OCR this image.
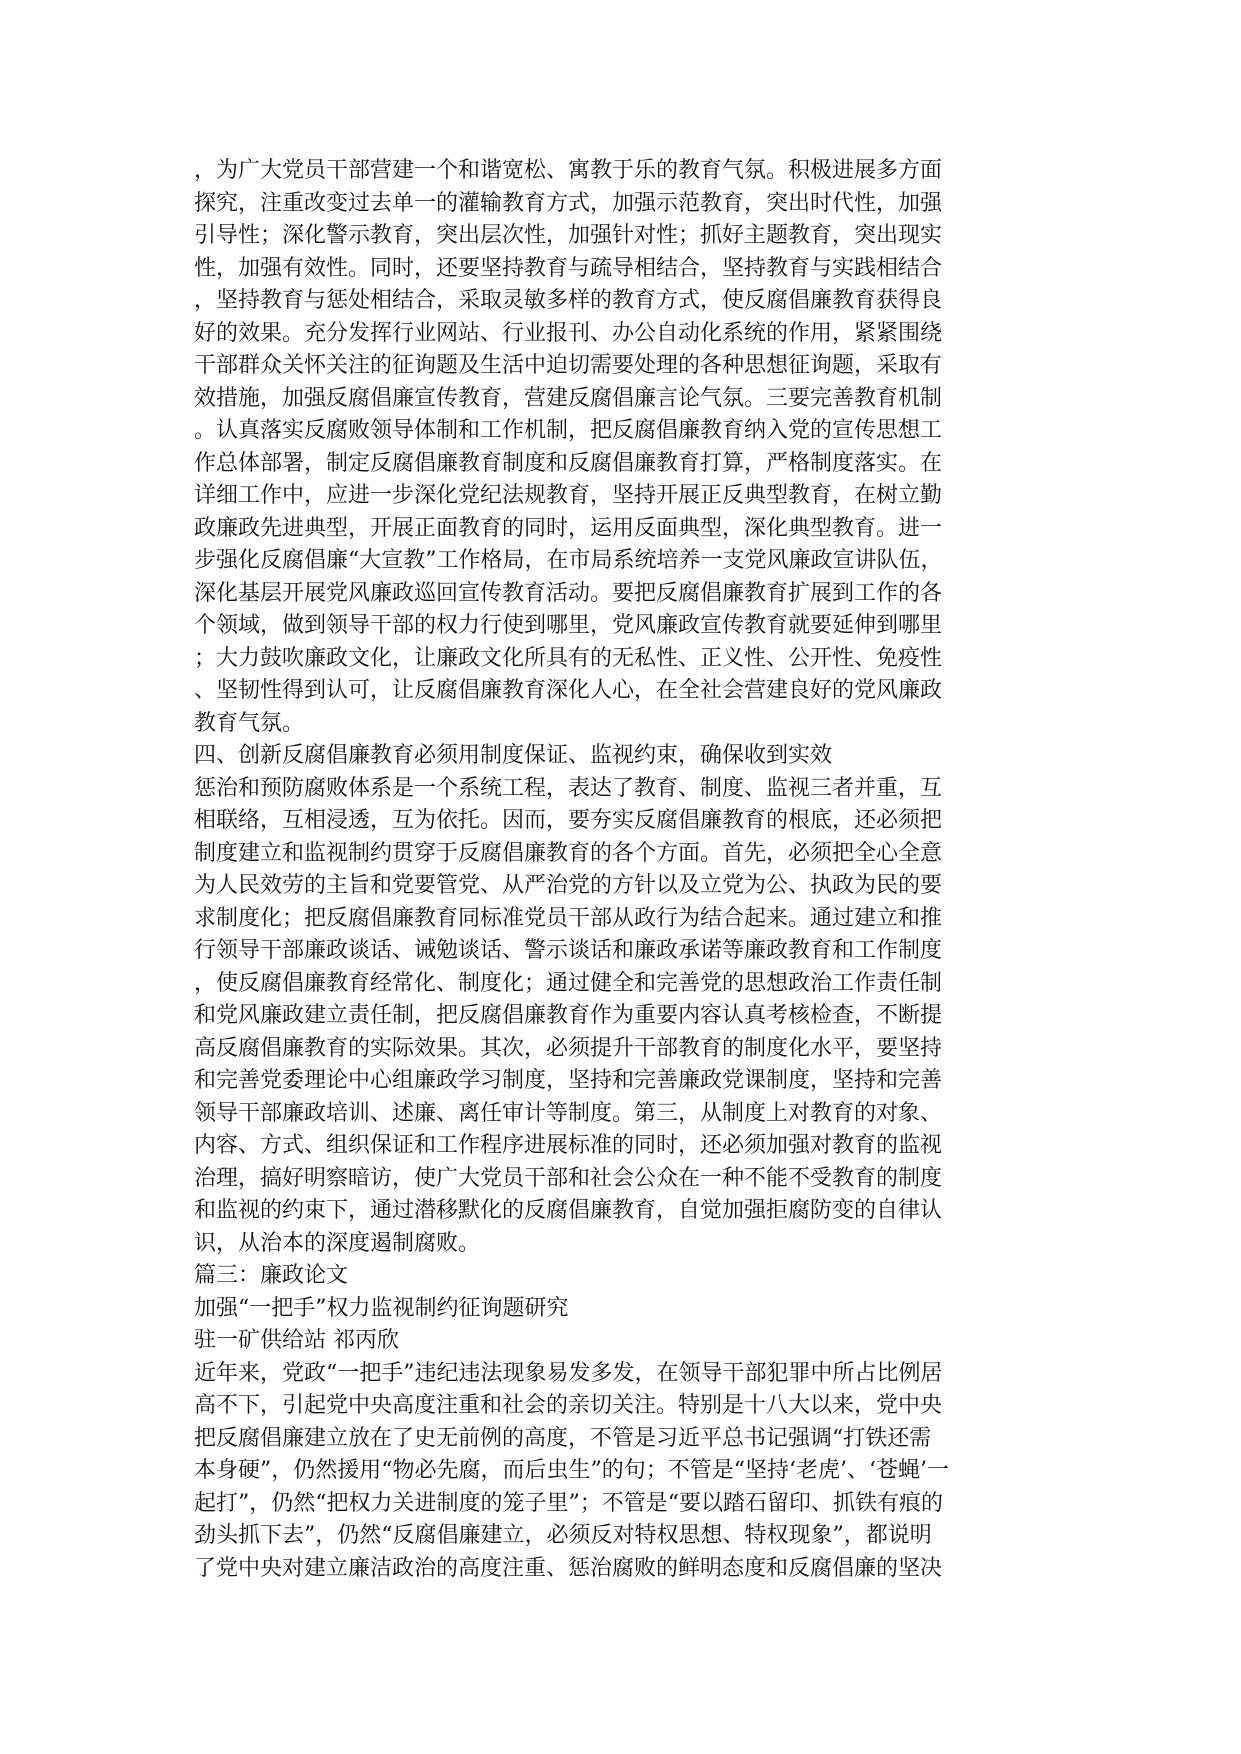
，为广大党员干部营建一个和谐宽松、寓教于乐的教育气氛。积极进展多方面
探究，注重改变过去单一的灌输教育方式，加强示范教育，突出时代性，加强
引导性；深化警示教育，突出层次性，加强针对性；抓好主题教育，突出现实
性，加强有效性。同时，还要坚持教育与疏导相结合，坚持教育与实践相结合
，坚持教育与惩处相结合，采取灵敏多样的教育方式，使反腐倡廉教育获得良
好的效果。充分发挥行业网站、行业报刊、办公自动化系统的作用，紧紧围绕
干部群众关怀关注的征询题及生活中迫切需要处理的各种思想征询题，采取有
效措施，加强反腐倡廉宣传教育，营建反腐倡廉言论气氛。三要完善教育机制
。认真落实反腐败领导体制和工作机制，把反腐倡廉教育纳入党的宣传思想工
作总体部署，制定反腐倡廉教育制度和反腐倡廉教育打算，严格制度落实。在
详细工作中，应进一步深化党纪法规教育，坚持开展正反典型教育，在树立勤
政廉政先进典型，开展正面教育的同时，运用反面典型，深化典型教育。进一
步强化反腐倡廉“大宣教”工作格局，在市局系统培养一支党风廉政宣讲队伍，
深化基层开展党风廉政巡回宣传教育活动。要把反腐倡廉教育扩展到工作的各
个领域，做到领导干部的权力行使到哪里，党风廉政宣传教育就要延伸到哪里
；大力鼓吹廉政文化，让廉政文化所具有的无私性、正义性、公开性、免疫性
、坚韧性得到认可，让反腐倡廉教育深化人心，在全社会营建良好的党风廉政
教育气氛。
四、创新反腐倡廉教育必须用制度保证、监视约束，确保收到实效
惩治和预防腐败体系是一个系统工程，表达了教育、制度、监视三者并重，互
相联络，互相浸透，互为依托。因而，要夯实反腐倡廉教育的根底，还必须把
制度建立和监视制约贯穿于反腐倡廉教育的各个方面。首先，必须把全心全意
为人民效劳的主旨和党要管党、从严治党的方针以及立党为公、执政为民的要
求制度化；把反腐倡廉教育同标准党员干部从政行为结合起来。通过建立和推
行领导干部廉政谈话、诫勉谈话、警示谈话和廉政承诺等廉政教育和工作制度
，使反腐倡廉教育经常化、制度化；通过健全和完善党的思想政治工作责任制
和党风廉政建立责任制，把反腐倡廉教育作为重要内容认真考核检查，不断提
高反腐倡廉教育的实际效果。其次，必须提升干部教育的制度化水平，要坚持
和完善党委理论中心组廉政学习制度，坚持和完善廉政党课制度，坚持和完善
领导干部廉政培训、述廉、离任审计等制度。第三，从制度上对教育的对象、
内容、方式、组织保证和工作程序进展标准的同时，还必须加强对教育的监视
治理，搞好明察暗访，使广大党员干部和社会公众在一种不能不受教育的制度
和监视的约束下，通过潜移默化的反腐倡廉教育，自觉加强拒腐防变的自律认
识，从治本的深度遏制腐败。
篇三：廉政论文
加强“一把手”权力监视制约征询题研究
驻一矿供给站 祁丙欣
近年来，党政“一把手”违纪违法现象易发多发，在领导干部犯罪中所占比例居
高不下，引起党中央高度注重和社会的亲切关注。特别是十八大以来，党中央
把反腐倡廉建立放在了史无前例的高度，不管是习近平总书记强调“打铁还需
本身硬”，仍然援用“物必先腐，而后虫生”的句；不管是“坚持‘老虎’、‘苍蝇’一
起打”，仍然“把权力关进制度的笼子里”；不管是“要以踏石留印、抓铁有痕的
劲头抓下去”，仍然“反腐倡廉建立，必须反对特权思想、特权现象”，都说明
了党中央对建立廉洁政治的高度注重、惩治腐败的鲜明态度和反腐倡廉的坚决
